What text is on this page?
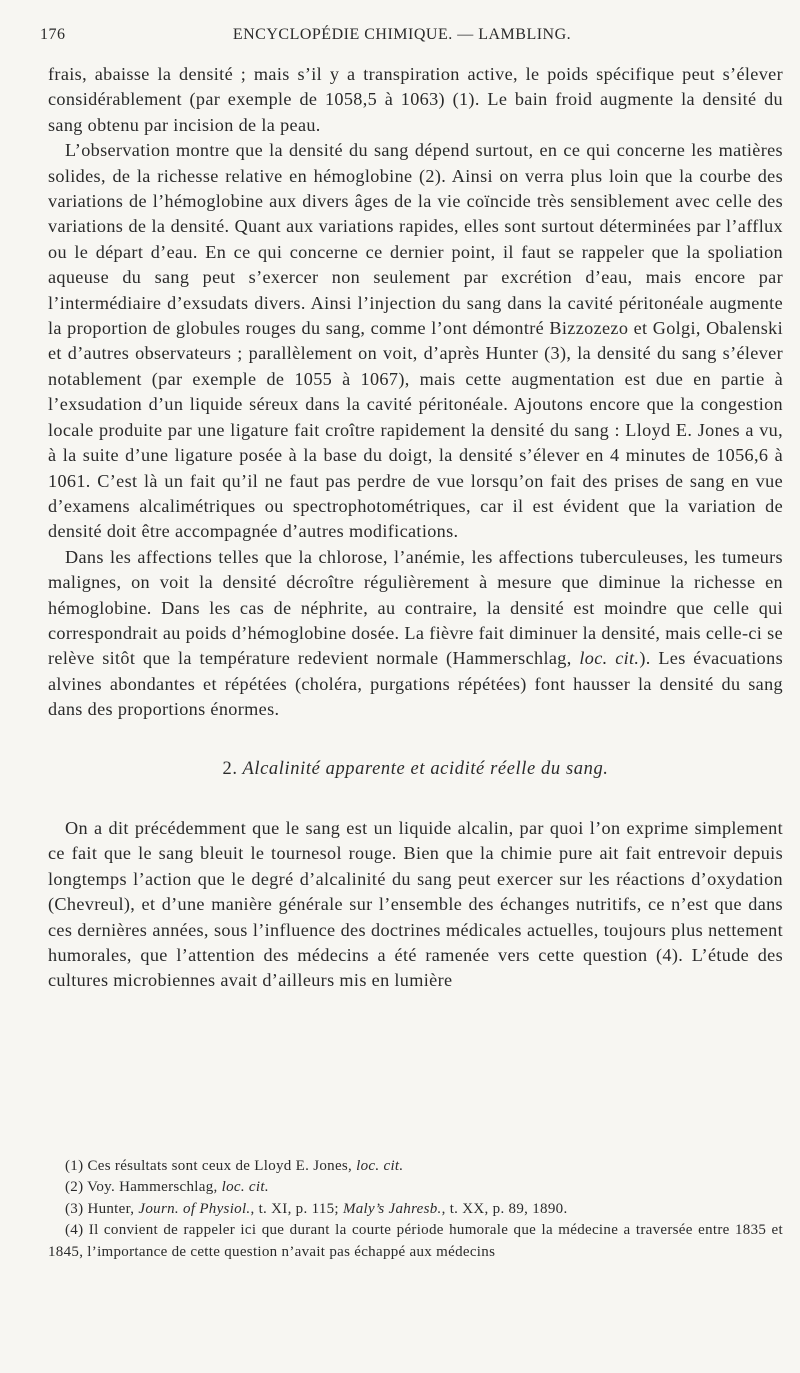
176	ENCYCLOPÉDIE CHIMIQUE. — LAMBLING.

frais, abaisse la densité ; mais s’il y a transpiration active, le poids spécifique peut s’élever considérablement (par exemple de 1058,5 à 1063) (1). Le bain froid augmente la densité du sang obtenu par incision de la peau.

L’observation montre que la densité du sang dépend surtout, en ce qui concerne les matières solides, de la richesse relative en hémoglobine (2). Ainsi on verra plus loin que la courbe des variations de l’hémoglobine aux divers âges de la vie coïncide très sensiblement avec celle des variations de la densité. Quant aux variations rapides, elles sont surtout déterminées par l’afflux ou le départ d’eau. En ce qui concerne ce dernier point, il faut se rappeler que la spoliation aqueuse du sang peut s’exercer non seulement par excrétion d’eau, mais encore par l’intermédiaire d’exsudats divers. Ainsi l’injection du sang dans la cavité péritonéale augmente la proportion de globules rouges du sang, comme l’ont démontré Bizzozezo et Golgi, Obalenski et d’autres observateurs ; parallèlement on voit, d’après Hunter (3), la densité du sang s’élever notablement (par exemple de 1055 à 1067), mais cette augmentation est due en partie à l’exsudation d’un liquide séreux dans la cavité péritonéale. Ajoutons encore que la congestion locale produite par une ligature fait croître rapidement la densité du sang : Lloyd E. Jones a vu, à la suite d’une ligature posée à la base du doigt, la densité s’élever en 4 minutes de 1056,6 à 1061. C’est là un fait qu’il ne faut pas perdre de vue lorsqu’on fait des prises de sang en vue d’examens alcalimétriques ou spectrophotométriques, car il est évident que la variation de densité doit être accompagnée d’autres modifications.

Dans les affections telles que la chlorose, l’anémie, les affections tuberculeuses, les tumeurs malignes, on voit la densité décroître régulièrement à mesure que diminue la richesse en hémoglobine. Dans les cas de néphrite, au contraire, la densité est moindre que celle qui correspondrait au poids d’hémoglobine dosée. La fièvre fait diminuer la densité, mais celle-ci se relève sitôt que la température redevient normale (Hammerschlag, loc. cit.). Les évacuations alvines abondantes et répétées (choléra, purgations répétées) font hausser la densité du sang dans des proportions énormes.

2. Alcalinité apparente et acidité réelle du sang.

On a dit précédemment que le sang est un liquide alcalin, par quoi l’on exprime simplement ce fait que le sang bleuit le tournesol rouge. Bien que la chimie pure ait fait entrevoir depuis longtemps l’action que le degré d’alcalinité du sang peut exercer sur les réactions d’oxydation (Chevreul), et d’une manière générale sur l’ensemble des échanges nutritifs, ce n’est que dans ces dernières années, sous l’influence des doctrines médicales actuelles, toujours plus nettement humorales, que l’attention des médecins a été ramenée vers cette question (4). L’étude des cultures microbiennes avait d’ailleurs mis en lumière

(1) Ces résultats sont ceux de Lloyd E. Jones, loc. cit.

(2) Voy. Hammerschlag, loc. cit.

(3) Hunter, Journ. of Physiol., t. XI, p. 115; Maly’s Jahresb., t. XX, p. 89, 1890.

(4) Il convient de rappeler ici que durant la courte période humorale que la médecine a traversée entre 1835 et 1845, l’importance de cette question n’avait pas échappé aux médecins
